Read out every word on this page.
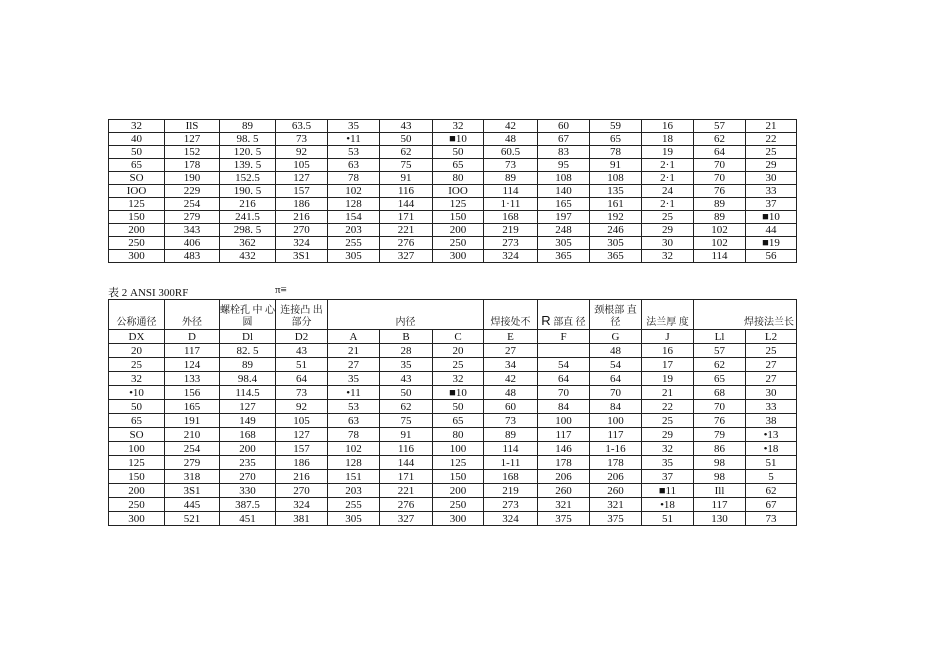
32	IlS	89	63.5	35	43	32	42	60	59	16	57	21
40	127	98. 5	73	•11	50	■10	48	67	65	18	62	22
50	152	120. 5	92	53	62	50	60.5	83	78	19	64	25
65	178	139. 5	105	63	75	65	73	95	91	2·1	70	29
SO	190	152.5	127	78	91	80	89	108	108	2·1	70	30
IOO	229	190. 5	157	102	116	IOO	114	140	135	24	76	33
125	254	216	186	128	144	125	1·11	165	161	2·1	89	37
150	279	241.5	216	154	171	150	168	197	192	25	89	■10
200	343	298. 5	270	203	221	200	219	248	246	29	102	44
250	406	362	324	255	276	250	273	305	305	30	102	■19
300	483	432	3S1	305	327	300	324	365	365	32	114	56
表 2 ANSI 300RF	π≡
公称通径	外径	螺栓孔 中 心圆	连接凸 出 部分	内径			焊接处不	R 部直 径	颈根部 直 径	法兰厚 度	焊接法兰长	
DX	D	Dl	D2	A	B	C	E	F	G	J	Ll	L2
20	117	82. 5	43	21	28	20	27		48	16	57	25
25	124	89	51	27	35	25	34	54	54	17	62	27
32	133	98.4	64	35	43	32	42	64	64	19	65	27
•10	156	114.5	73	•11	50	■10	48	70	70	21	68	30
50	165	127	92	53	62	50	60	84	84	22	70	33
65	191	149	105	63	75	65	73	100	100	25	76	38
SO	210	168	127	78	91	80	89	117	117	29	79	•13
100	254	200	157	102	116	100	114	146	1-16	32	86	•18
125	279	235	186	128	144	125	1-11	178	178	35	98	51
150	318	270	216	151	171	150	168	206	206	37	98	5
200	3S1	330	270	203	221	200	219	260	260	■11	Ill	62
250	445	387.5	324	255	276	250	273	321	321	•18	117	67
300	521	451	381	305	327	300	324	375	375	51	130	73
